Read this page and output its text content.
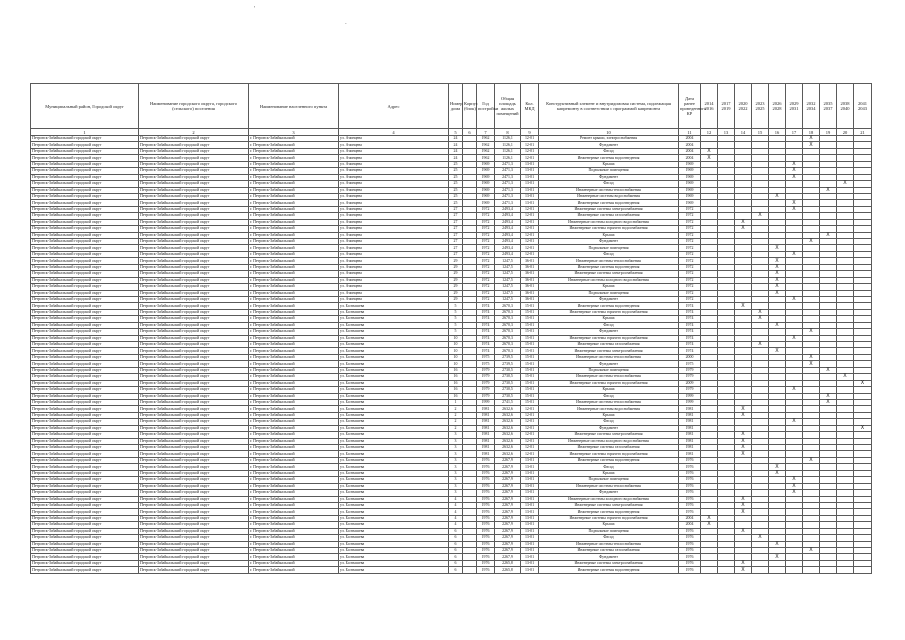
'
.
Муниципальный район, Городской округ	Наименование городского округа, городского (сельского) поселения	Наименование населенного пункта	Адрес	Номер дома	Корпус (блок)	Год постройки	Общая площадь жилых помещений	Кол. МКД	Конструктивный элемент и внутридомовая система, подлежащая капремонту в соответствии с программой капремонта	Дата ранее проведенного КР	2014 2016	2017 2019	2020 2022	2023 2025	2026 2028	2029 2031	2032 2034	2035 2037	2038 2040	2041 2043
1	2	3	4	5	6	7	8	9	10	11	12	13	14	15	16	17	18	19	20	21
Петровск-Забайкальский городской округ	Петровск-Забайкальский городской округ	г. Петровск-Забайкальский	ул. Ачинцева	24		1962	1126,1	12-01	Ремонт крыши, электроснабжения	2004							X			
Петровск-Забайкальский городской округ	Петровск-Забайкальский городской округ	г. Петровск-Забайкальский	ул. Ачинцева	24		1962	1126,1	12-01	Фундамент	2004							X			
Петровск-Забайкальский городской округ	Петровск-Забайкальский городской округ	г. Петровск-Забайкальский	ул. Ачинцева	24		1962	1126,1	12-01	Фасад	2004	X									
Петровск-Забайкальский городской округ	Петровск-Забайкальский городской округ	г. Петровск-Забайкальский	ул. Ачинцева	24		1962	1126,1	12-01	Инженерные системы водоотведения	2004	X									
Петровск-Забайкальский городской округ	Петровск-Забайкальский городской округ	г. Петровск-Забайкальский	ул. Ачинцева	25		1969	2471,3	13-01	Крыша	1969						X				
Петровск-Забайкальский городской округ	Петровск-Забайкальский городской округ	г. Петровск-Забайкальский	ул. Ачинцева	25		1969	2471,3	13-01	Подвальные помещения	1969						X				
Петровск-Забайкальский городской округ	Петровск-Забайкальский городской округ	г. Петровск-Забайкальский	ул. Ачинцева	25		1969	2471,3	13-01	Фундамент	1969						X				
Петровск-Забайкальский городской округ	Петровск-Забайкальский городской округ	г. Петровск-Забайкальский	ул. Ачинцева	25		1969	2471,3	13-01	Фасад	1969									X	
Петровск-Забайкальский городской округ	Петровск-Забайкальский городской округ	г. Петровск-Забайкальский	ул. Ачинцева	25		1969	2471,3	13-01	Инженерные системы теплоснабжения	1969								X		
Петровск-Забайкальский городской округ	Петровск-Забайкальский городской округ	г. Петровск-Забайкальский	ул. Ачинцева	25		1969	2471,3	13-01	Инженерные системы водоснабжения	1969					X					
Петровск-Забайкальский городской округ	Петровск-Забайкальский городской округ	г. Петровск-Забайкальский	ул. Ачинцева	25		1969	2471,3	13-01	Инженерные системы водоотведения	1969						X				
Петровск-Забайкальский городской округ	Петровск-Забайкальский городской округ	г. Петровск-Забайкальский	ул. Ачинцева	27		1972	2493,4	12-01	Инженерные системы электроснабжения	1972						X				
Петровск-Забайкальский городской округ	Петровск-Забайкальский городской округ	г. Петровск-Забайкальский	ул. Ачинцева	27		1972	2493,4	12-01	Инженерные системы газоснабжения	1972				X						
Петровск-Забайкальский городской округ	Петровск-Забайкальский городской округ	г. Петровск-Забайкальский	ул. Ачинцева	27		1972	2493,4	12-01	Инженерные системы холодного водоснабжения	1972			X							
Петровск-Забайкальский городской округ	Петровск-Забайкальский городской округ	г. Петровск-Забайкальский	ул. Ачинцева	27		1972	2493,4	12-01	Инженерные системы горячего водоснабжения	1972			X							
Петровск-Забайкальский городской округ	Петровск-Забайкальский городской округ	г. Петровск-Забайкальский	ул. Ачинцева	27		1972	2493,4	12-01	Крыша	1972								X		
Петровск-Забайкальский городской округ	Петровск-Забайкальский городской округ	г. Петровск-Забайкальский	ул. Ачинцева	27		1972	2493,4	12-01	Фундамент	1972							X			
Петровск-Забайкальский городской округ	Петровск-Забайкальский городской округ	г. Петровск-Забайкальский	ул. Ачинцева	27		1972	2493,4	12-01	Подвальные помещения	1972					X					
Петровск-Забайкальский городской округ	Петровск-Забайкальский городской округ	г. Петровск-Забайкальский	ул. Ачинцева	27		1972	2493,4	12-01	Фасад	1972						X				
Петровск-Забайкальский городской округ	Петровск-Забайкальский городской округ	г. Петровск-Забайкальский	ул. Ачинцева	29		1972	1247,5	36-01	Инженерные системы теплоснабжения	1972					X					
Петровск-Забайкальский городской округ	Петровск-Забайкальский городской округ	г. Петровск-Забайкальский	ул. Ачинцева	29		1972	1247,5	36-01	Инженерные системы водоотведения	1972					X					
Петровск-Забайкальский городской округ	Петровск-Забайкальский городской округ	г. Петровск-Забайкальский	ул. Ачинцева	29		1972	1247,5	36-01	Инженерные системы электроснабжения	1972					X					
Петровск-Забайкальский городской округ	Петровск-Забайкальский городской округ	г. Петровск-Забайкальский	ул. Ачинцева	29		1972	1247,5	36-01	Инженерные системы холодного водоснабжения	1972					X					
Петровск-Забайкальский городской округ	Петровск-Забайкальский городской округ	г. Петровск-Забайкальский	ул. Ачинцева	29		1972	1247,5	36-01	Крыша	1972					X					
Петровск-Забайкальский городской округ	Петровск-Забайкальский городской округ	г. Петровск-Забайкальский	ул. Ачинцева	29		1972	1247,5	36-01	Подвальные помещения	1972					X					
Петровск-Забайкальский городской округ	Петровск-Забайкальский городской округ	г. Петровск-Забайкальский	ул. Ачинцева	29		1972	1247,5	36-01	Фундамент	1972						X				
Петровск-Забайкальский городской округ	Петровск-Забайкальский городской округ	г. Петровск-Забайкальский	ул. Болтышева	5		1974	2670,3	15-01	Инженерные системы водоотведения	1974			X							
Петровск-Забайкальский городской округ	Петровск-Забайкальский городской округ	г. Петровск-Забайкальский	ул. Болтышева	5		1974	2670,3	15-01	Инженерные системы горячего водоснабжения	1974				X						
Петровск-Забайкальский городской округ	Петровск-Забайкальский городской округ	г. Петровск-Забайкальский	ул. Болтышева	5		1974	2670,3	15-01	Крыша	1974				X						
Петровск-Забайкальский городской округ	Петровск-Забайкальский городской округ	г. Петровск-Забайкальский	ул. Болтышева	5		1974	2670,3	15-01	Фасад	1974					X					
Петровск-Забайкальский городской округ	Петровск-Забайкальский городской округ	г. Петровск-Забайкальский	ул. Болтышева	5		1974	2670,3	15-01	Фундамент	1974							X			
Петровск-Забайкальский городской округ	Петровск-Забайкальский городской округ	г. Петровск-Забайкальский	ул. Болтышева	10		1974	2670,3	15-01	Инженерные системы горячего водоснабжения	1974						X				
Петровск-Забайкальский городской округ	Петровск-Забайкальский городской округ	г. Петровск-Забайкальский	ул. Болтышева	10		1974	2670,3	15-01	Инженерные системы газоснабжения	1974				X						
Петровск-Забайкальский городской округ	Петровск-Забайкальский городской округ	г. Петровск-Забайкальский	ул. Болтышева	10		1974	2670,3	15-01	Инженерные системы электроснабжения	1974					X					
Петровск-Забайкальский городской округ	Петровск-Забайкальский городской округ	г. Петровск-Забайкальский	ул. Болтышева	10		1975	2739,5	15-01	Инженерные системы теплоснабжения	2000							X			
Петровск-Забайкальский городской округ	Петровск-Забайкальский городской округ	г. Петровск-Забайкальский	ул. Болтышева	10		1975	2739,5	15-01	Фундамент	1975							X			
Петровск-Забайкальский городской округ	Петровск-Забайкальский городской округ	г. Петровск-Забайкальский	ул. Болтышева	16		1979	2730,5	15-01	Подвальные помещения	1979								X		
Петровск-Забайкальский городской округ	Петровск-Забайкальский городской округ	г. Петровск-Забайкальский	ул. Болтышева	16		1979	2730,5	15-01	Инженерные системы теплоснабжения	1979									X	
Петровск-Забайкальский городской округ	Петровск-Забайкальский городской округ	г. Петровск-Забайкальский	ул. Болтышева	16		1979	2730,5	15-01	Инженерные системы горячего водоснабжения	2009										X
Петровск-Забайкальский городской округ	Петровск-Забайкальский городской округ	г. Петровск-Забайкальский	ул. Болтышева	16		1979	2730,5	15-01	Крыша	1979						X				
Петровск-Забайкальский городской округ	Петровск-Забайкальский городской округ	г. Петровск-Забайкальский	ул. Болтышева	16		1979	2730,5	15-01	Фасад	1999								X		
Петровск-Забайкальский городской округ	Петровск-Забайкальский городской округ	г. Петровск-Забайкальский	ул. Болтышева	1		1999	2741,5	15-01	Инженерные системы теплоснабжения	1999								X		
Петровск-Забайкальский городской округ	Петровск-Забайкальский городской округ	г. Петровск-Забайкальский	ул. Болтышева	2		1981	2632,6	12-01	Инженерные системы водоснабжения	1981			X							
Петровск-Забайкальский городской округ	Петровск-Забайкальский городской округ	г. Петровск-Забайкальский	ул. Болтышева	2		1981	2632,6	12-01	Крыша	1981			X							
Петровск-Забайкальский городской округ	Петровск-Забайкальский городской округ	г. Петровск-Забайкальский	ул. Болтышева	2		1981	2632,6	12-01	Фасад	1981						X				
Петровск-Забайкальский городской округ	Петровск-Забайкальский городской округ	г. Петровск-Забайкальский	ул. Болтышева	2		1981	2632,6	12-01	Фундамент	1981										X
Петровск-Забайкальский городской округ	Петровск-Забайкальский городской округ	г. Петровск-Забайкальский	ул. Болтышева	3		1981	2632,6	12-01	Инженерные системы электроснабжения	1981			X							
Петровск-Забайкальский городской округ	Петровск-Забайкальский городской округ	г. Петровск-Забайкальский	ул. Болтышева	3		1981	2632,6	12-01	Инженерные системы холодного водоснабжения	1981			X							
Петровск-Забайкальский городской округ	Петровск-Забайкальский городской округ	г. Петровск-Забайкальский	ул. Болтышева	3		1981	2632,6	12-01	Инженерные системы газоснабжения	1981			X							
Петровск-Забайкальский городской округ	Петровск-Забайкальский городской округ	г. Петровск-Забайкальский	ул. Болтышева	3		1981	2632,6	12-01	Инженерные системы горячего водоснабжения	1981			X							
Петровск-Забайкальский городской округ	Петровск-Забайкальский городской округ	г. Петровск-Забайкальский	ул. Болтышева	3		1976	2267,9	13-01	Инженерные системы водоотведения	1976							X			
Петровск-Забайкальский городской округ	Петровск-Забайкальский городской округ	г. Петровск-Забайкальский	ул. Болтышева	3		1976	2267,9	13-01	Фасад	1976					X					
Петровск-Забайкальский городской округ	Петровск-Забайкальский городской округ	г. Петровск-Забайкальский	ул. Болтышева	3		1976	2267,9	13-01	Крыша	1976					X					
Петровск-Забайкальский городской округ	Петровск-Забайкальский городской округ	г. Петровск-Забайкальский	ул. Болтышева	3		1976	2267,9	13-01	Подвальные помещения	1976						X				
Петровск-Забайкальский городской округ	Петровск-Забайкальский городской округ	г. Петровск-Забайкальский	ул. Болтышева	3		1976	2267,9	13-01	Инженерные системы теплоснабжения	1976						X				
Петровск-Забайкальский городской округ	Петровск-Забайкальский городской округ	г. Петровск-Забайкальский	ул. Болтышева	3		1976	2267,9	13-01	Фундамент	1976						X				
Петровск-Забайкальский городской округ	Петровск-Забайкальский городской округ	г. Петровск-Забайкальский	ул. Болтышева	4		1976	2267,9	13-01	Инженерные системы холодного водоснабжения	1976			X							
Петровск-Забайкальский городской округ	Петровск-Забайкальский городской округ	г. Петровск-Забайкальский	ул. Болтышева	4		1976	2267,9	13-01	Инженерные системы электроснабжения	1976			X							
Петровск-Забайкальский городской округ	Петровск-Забайкальский городской округ	г. Петровск-Забайкальский	ул. Болтышева	4		1976	2267,9	13-01	Инженерные системы водоотведения	1976			X							
Петровск-Забайкальский городской округ	Петровск-Забайкальский городской округ	г. Петровск-Забайкальский	ул. Болтышева	4		1976	2267,9	13-01	Инженерные системы горячего водоснабжения	2004	X									
Петровск-Забайкальский городской округ	Петровск-Забайкальский городской округ	г. Петровск-Забайкальский	ул. Болтышева	4		1976	2267,9	13-01	Крыша	2004	X									
Петровск-Забайкальский городской округ	Петровск-Забайкальский городской округ	г. Петровск-Забайкальский	ул. Болтышева	6		1976	2267,9	13-01	Подвальные помещения	1976			X							
Петровск-Забайкальский городской округ	Петровск-Забайкальский городской округ	г. Петровск-Забайкальский	ул. Болтышева	6		1976	2267,9	13-01	Фасад	1976				X						
Петровск-Забайкальский городской округ	Петровск-Забайкальский городской округ	г. Петровск-Забайкальский	ул. Болтышева	6		1976	2267,9	13-01	Инженерные системы теплоснабжения	1976					X					
Петровск-Забайкальский городской округ	Петровск-Забайкальский городской округ	г. Петровск-Забайкальский	ул. Болтышева	6		1976	2267,9	13-01	Инженерные системы газоснабжения	1976							X			
Петровск-Забайкальский городской округ	Петровск-Забайкальский городской округ	г. Петровск-Забайкальский	ул. Болтышева	6		1976	2267,9	13-01	Фундамент	1976					X					
Петровск-Забайкальский городской округ	Петровск-Забайкальский городской округ	г. Петровск-Забайкальский	ул. Болтышева	6		1976	2265,8	13-01	Инженерные системы электроснабжения	1976			X							
Петровск-Забайкальский городской округ	Петровск-Забайкальский городской округ	г. Петровск-Забайкальский	ул. Болтышева	6		1976	2265,8	13-01	Инженерные системы водоотведения	1976			X							
